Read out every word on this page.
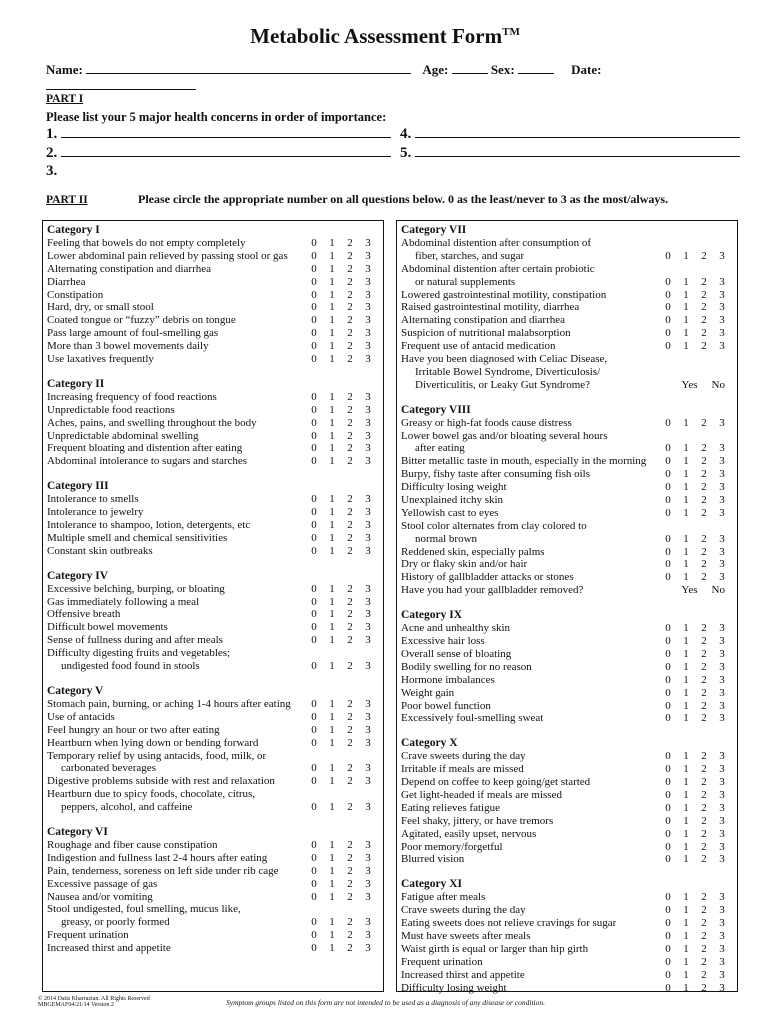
Metabolic Assessment Form™
Name:	Age:	Sex:	Date:
PART I
Please list your 5 major health concerns in order of importance:
1.
2.
3.
4.
5.
PART II	Please circle the appropriate number on all questions below. 0 as the least/never to 3 as the most/always.
Category I
Feeling that bowels do not empty completely	0	1	2	3
Lower abdominal pain relieved by passing stool or gas	0	1	2	3
Alternating constipation and diarrhea	0	1	2	3
Diarrhea	0	1	2	3
Constipation	0	1	2	3
Hard, dry, or small stool	0	1	2	3
Coated tongue or “fuzzy” debris on tongue	0	1	2	3
Pass large amount of foul-smelling gas	0	1	2	3
More than 3 bowel movements daily	0	1	2	3
Use laxatives frequently	0	1	2	3
Category II
Increasing frequency of food reactions	0	1	2	3
Unpredictable food reactions	0	1	2	3
Aches, pains, and swelling throughout the body	0	1	2	3
Unpredictable abdominal swelling	0	1	2	3
Frequent bloating and distention after eating	0	1	2	3
Abdominal intolerance to sugars and starches	0	1	2	3
Category III
Intolerance to smells	0	1	2	3
Intolerance to jewelry	0	1	2	3
Intolerance to shampoo, lotion, detergents, etc	0	1	2	3
Multiple smell and chemical sensitivities	0	1	2	3
Constant skin outbreaks	0	1	2	3
Category IV
Excessive belching, burping, or bloating	0	1	2	3
Gas immediately following a meal	0	1	2	3
Offensive breath	0	1	2	3
Difficult bowel movements	0	1	2	3
Sense of fullness during and after meals	0	1	2	3
Difficulty digesting fruits and vegetables;
undigested food found in stools	0	1	2	3
Category V
Stomach pain, burning, or aching 1-4 hours after eating	0	1	2	3
Use of antacids	0	1	2	3
Feel hungry an hour or two after eating	0	1	2	3
Heartburn when lying down or bending forward	0	1	2	3
Temporary relief by using antacids, food, milk, or
carbonated beverages	0	1	2	3
Digestive problems subside with rest and relaxation	0	1	2	3
Heartburn due to spicy foods, chocolate, citrus,
peppers, alcohol, and caffeine	0	1	2	3
Category VI
Roughage and fiber cause constipation	0	1	2	3
Indigestion and fullness last 2-4 hours after eating	0	1	2	3
Pain, tenderness, soreness on left side under rib cage	0	1	2	3
Excessive passage of gas	0	1	2	3
Nausea and/or vomiting	0	1	2	3
Stool undigested, foul smelling, mucus like,
greasy, or poorly formed	0	1	2	3
Frequent urination	0	1	2	3
Increased thirst and appetite	0	1	2	3
Category VII
Abdominal distention after consumption of
fiber, starches, and sugar	0	1	2	3
Abdominal distention after certain probiotic
or natural supplements	0	1	2	3
Lowered gastrointestinal motility, constipation	0	1	2	3
Raised gastrointestinal motility, diarrhea	0	1	2	3
Alternating constipation and diarrhea	0	1	2	3
Suspicion of nutritional malabsorption	0	1	2	3
Frequent use of antacid medication	0	1	2	3
Have you been diagnosed with Celiac Disease,
Irritable Bowel Syndrome, Diverticulosis/
Diverticulitis, or Leaky Gut Syndrome?	Yes No
Category VIII
Greasy or high-fat foods cause distress	0	1	2	3
Lower bowel gas and/or bloating several hours
after eating	0	1	2	3
Bitter metallic taste in mouth, especially in the morning	0	1	2	3
Burpy, fishy taste after consuming fish oils	0	1	2	3
Difficulty losing weight	0	1	2	3
Unexplained itchy skin	0	1	2	3
Yellowish cast to eyes	0	1	2	3
Stool color alternates from clay colored to
normal brown	0	1	2	3
Reddened skin, especially palms	0	1	2	3
Dry or flaky skin and/or hair	0	1	2	3
History of gallbladder attacks or stones	0	1	2	3
Have you had your gallbladder removed?	Yes No
Category IX
Acne and unhealthy skin	0	1	2	3
Excessive hair loss	0	1	2	3
Overall sense of bloating	0	1	2	3
Bodily swelling for no reason	0	1	2	3
Hormone imbalances	0	1	2	3
Weight gain	0	1	2	3
Poor bowel function	0	1	2	3
Excessively foul-smelling sweat	0	1	2	3
Category X
Crave sweets during the day	0	1	2	3
Irritable if meals are missed	0	1	2	3
Depend on coffee to keep going/get started	0	1	2	3
Get light-headed if meals are missed	0	1	2	3
Eating relieves fatigue	0	1	2	3
Feel shaky, jittery, or have tremors	0	1	2	3
Agitated, easily upset, nervous	0	1	2	3
Poor memory/forgetful	0	1	2	3
Blurred vision	0	1	2	3
Category XI
Fatigue after meals	0	1	2	3
Crave sweets during the day	0	1	2	3
Eating sweets does not relieve cravings for sugar	0	1	2	3
Must have sweets after meals	0	1	2	3
Waist girth is equal or larger than hip girth	0	1	2	3
Frequent urination	0	1	2	3
Increased thirst and appetite	0	1	2	3
Difficulty losing weight	0	1	2	3
© 2014 Datis Kharrazian. All Rights Reserved
MBGEMAF04/21/14 Version 2	Symptom groups listed on this form are not intended to be used as a diagnosis of any disease or condition.
